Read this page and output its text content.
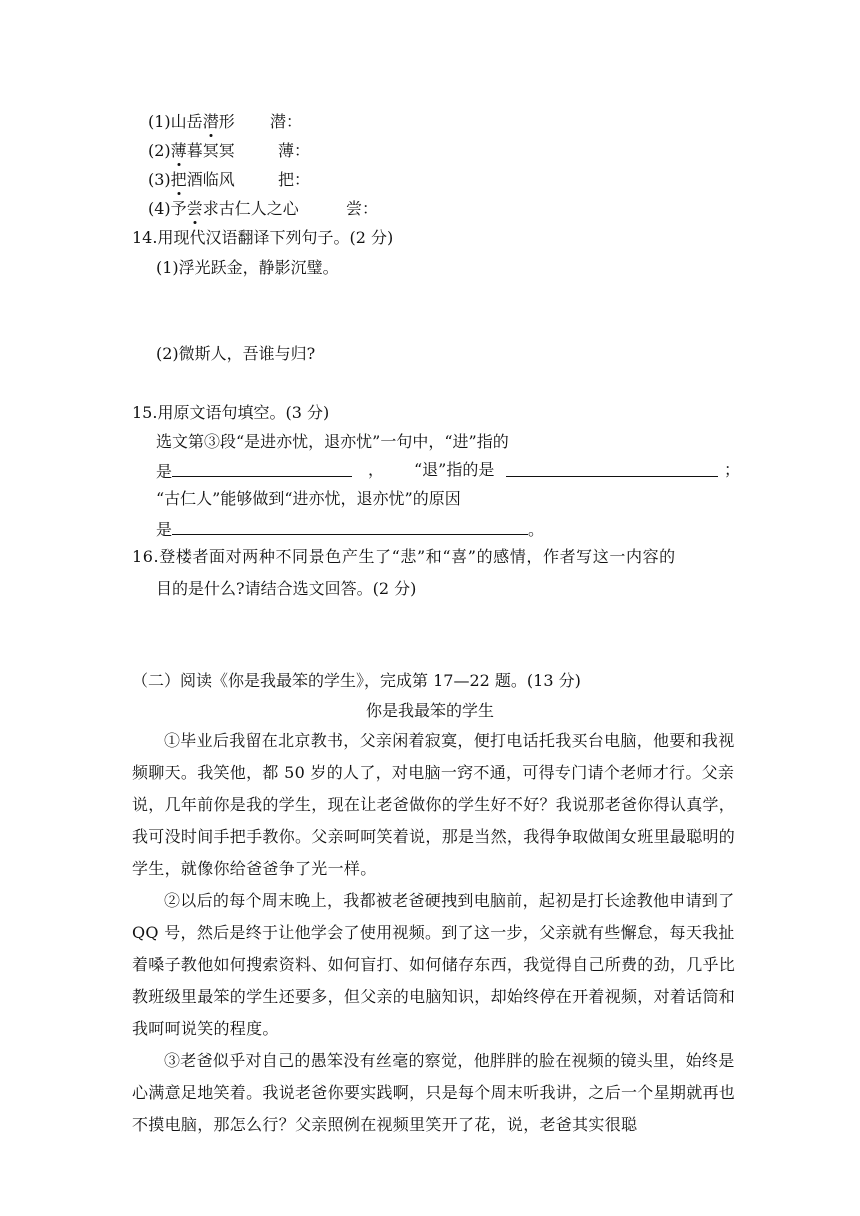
(1)山岳潜形 潜：
(2)薄暮冥冥	薄：
(3)把酒临风	把：
(4)予尝求古仁人之心	尝：
14.用现代汉语翻译下列句子。(2 分)
(1)浮光跃金，静影沉璧。
(2)微斯人，吾谁与归?
15.用原文语句填空。(3 分)
选文第③段“是进亦忧，退亦忧”一句中，“进”指的
是	， “退”指的是	；
“古仁人”能够做到“进亦忧，退亦忧”的原因
是	。
16.登楼者面对两种不同景色产生了“悲”和“喜”的感情，作者写这一内容的
目的是什么?请结合选文回答。(2 分)
（二）阅读《你是我最笨的学生》，完成第 17—22 题。(13 分)
你是我最笨的学生
①毕业后我留在北京教书，父亲闲着寂寞，便打电话托我买台电脑，他要和我视频聊天。我笑他，都 50 岁的人了，对电脑一窍不通，可得专门请个老师才行。父亲说，几年前你是我的学生，现在让老爸做你的学生好不好？我说那老爸你得认真学，我可没时间手把手教你。父亲呵呵笑着说，那是当然，我得争取做闺女班里最聪明的学生，就像你给爸爸争了光一样。
②以后的每个周末晚上，我都被老爸硬拽到电脑前，起初是打长途教他申请到了 QQ 号，然后是终于让他学会了使用视频。到了这一步，父亲就有些懈怠，每天我扯着嗓子教他如何搜索资料、如何盲打、如何储存东西，我觉得自己所费的劲，几乎比教班级里最笨的学生还要多，但父亲的电脑知识，却始终停在开着视频，对着话筒和我呵呵说笑的程度。
③老爸似乎对自己的愚笨没有丝毫的察觉，他胖胖的脸在视频的镜头里，始终是心满意足地笑着。我说老爸你要实践啊，只是每个周末听我讲，之后一个星期就再也不摸电脑，那怎么行？父亲照例在视频里笑开了花，说，老爸其实很聪
